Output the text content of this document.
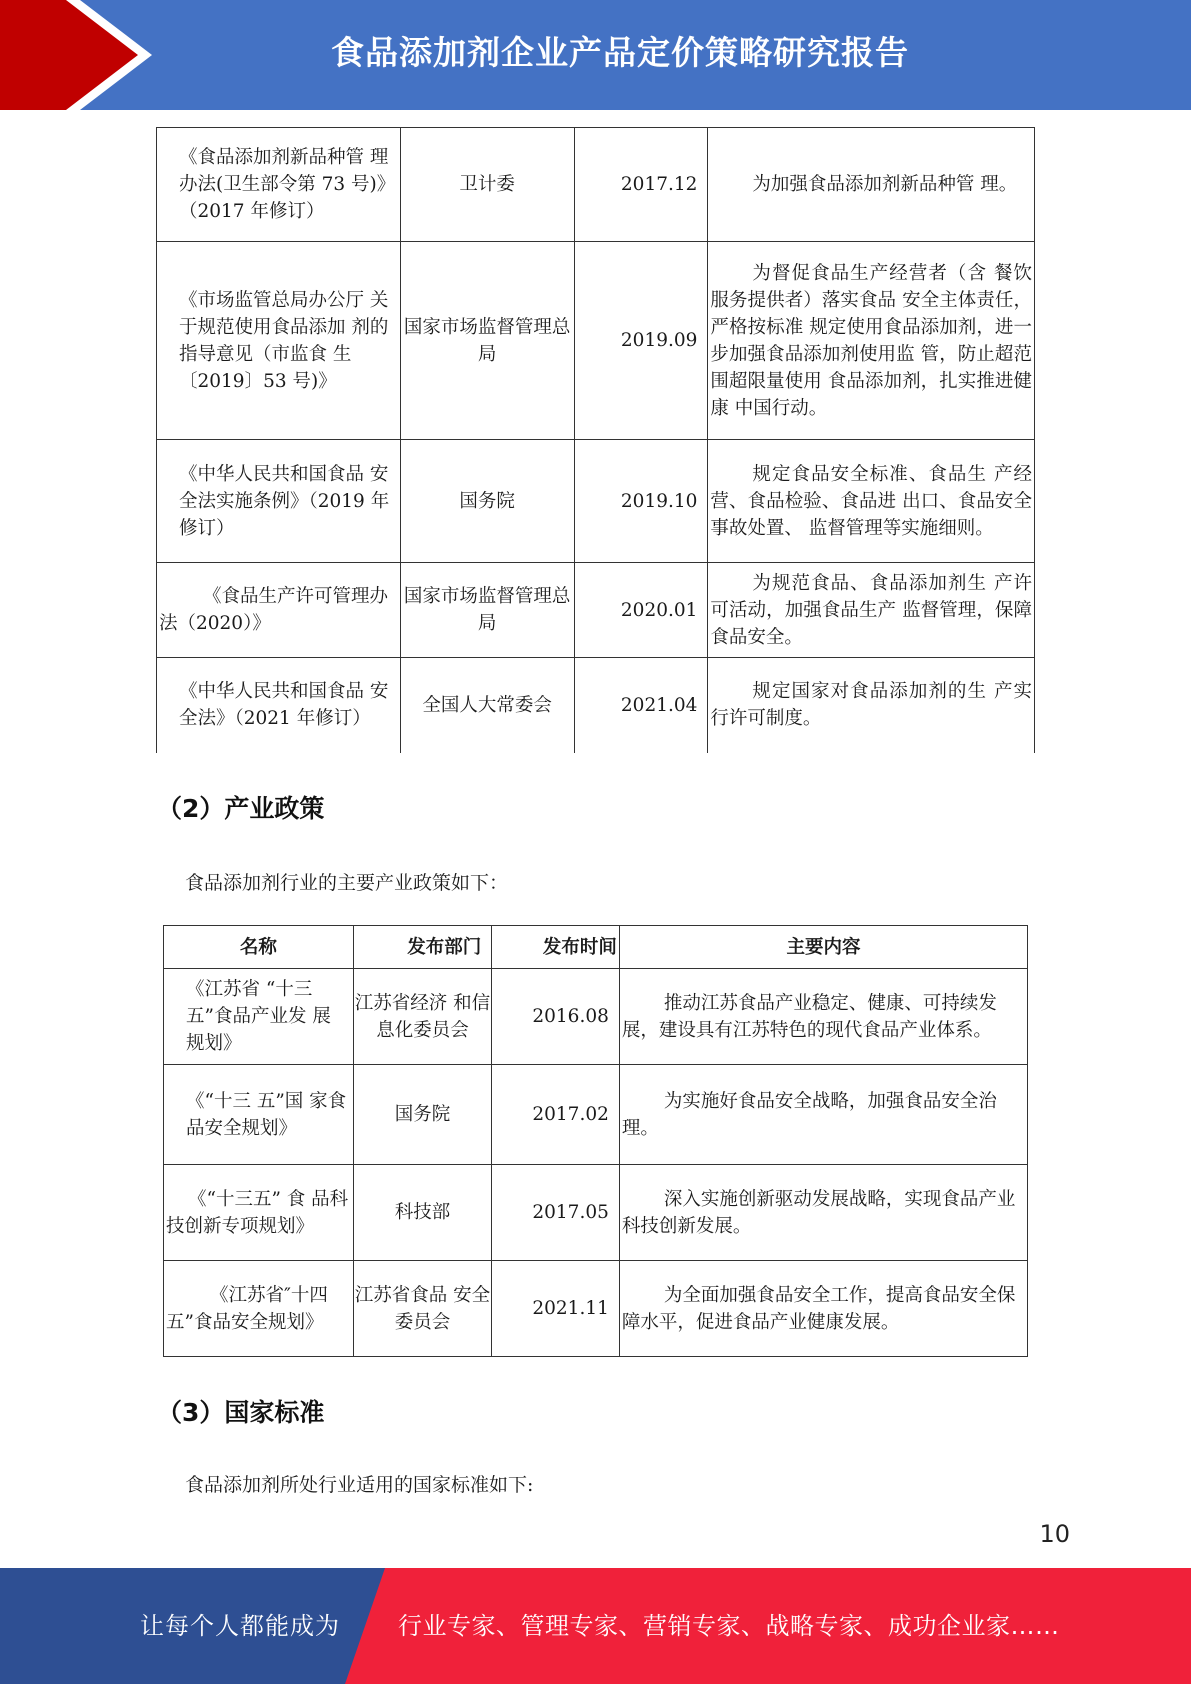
食品添加剂企业产品定价策略研究报告
《食品添加剂新品种管 理办法(卫生部令第 73 号)》（2017 年修订）	卫计委	2017.12	为加强食品添加剂新品种管 理。
《市场监管总局办公厅 关于规范使用食品添加 剂的指导意见（市监食 生〔2019〕53 号)》	国家市场监督管理总局	2019.09	为督促食品生产经营者（含 餐饮服务提供者）落实食品 安全主体责任，严格按标准 规定使用食品添加剂，进一 步加强食品添加剂使用监 管，防止超范围超限量使用 食品添加剂，扎实推进健康 中国行动。
《中华人民共和国食品 安全法实施条例》（2019 年修订）	国务院	2019.10	规定食品安全标准、食品生 产经营、食品检验、食品进 出口、食品安全事故处置、 监督管理等实施细则。
《食品生产许可管理办法（2020）》	国家市场监督管理总局	2020.01	为规范食品、食品添加剂生 产许可活动，加强食品生产 监督管理，保障食品安全。
《中华人民共和国食品 安全法》（2021 年修订）	全国人大常委会	2021.04	规定国家对食品添加剂的生 产实行许可制度。
（2）产业政策
食品添加剂行业的主要产业政策如下：
名称	发布部门	发布时间	主要内容
《江苏省 “十三 五”食品产业发 展规划》	江苏省经济 和信息化委员会	2016.08	推动江苏食品产业稳定、健康、可持续发展，建设具有江苏特色的现代食品产业体系。
《“十三 五”国 家食品安全规划》	国务院	2017.02	为实施好食品安全战略，加强食品安全治理。
《“十三五” 食 品科技创新专项规划》	科技部	2017.05	深入实施创新驱动发展战略，实现食品产业科技创新发展。
《江苏省″十四五”食品安全规划》	江苏省食品 安全委员会	2021.11	为全面加强食品安全工作，提高食品安全保障水平，促进食品产业健康发展。
（3）国家标准
食品添加剂所处行业适用的国家标准如下:
10
让每个人都能成为 行业专家、管理专家、营销专家、战略专家、成功企业家……
